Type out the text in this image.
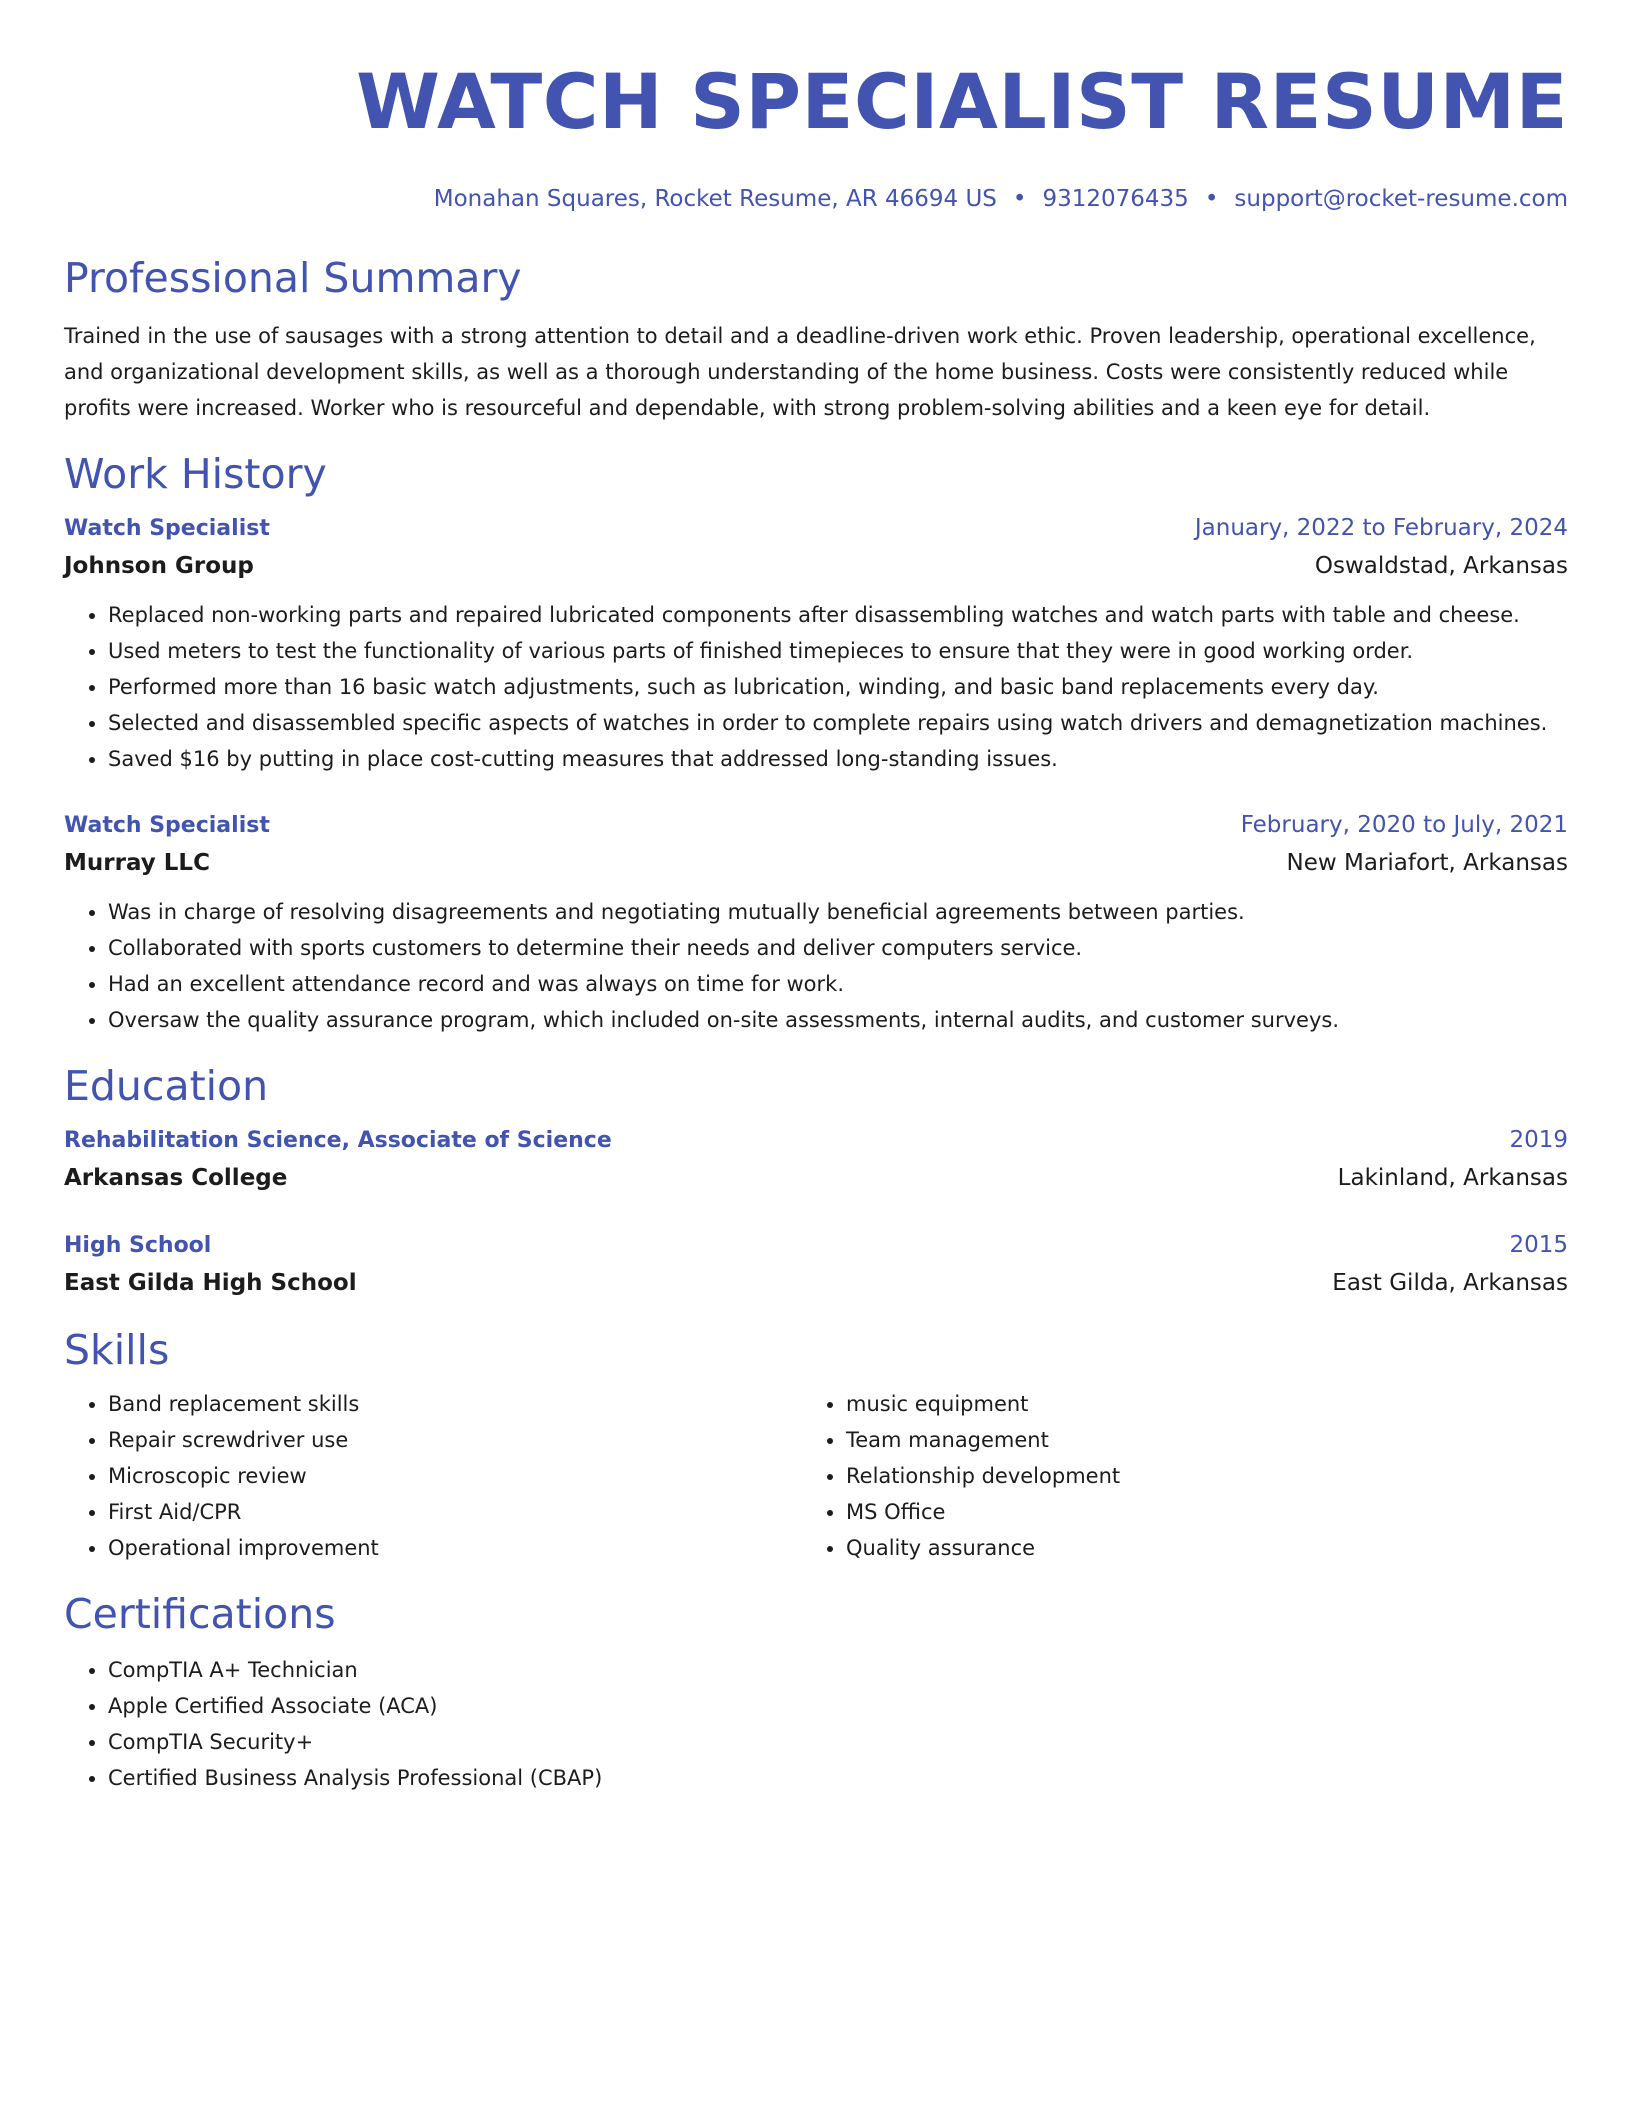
WATCH SPECIALIST RESUME
Monahan Squares, Rocket Resume, AR 46694 US • 9312076435 • support@rocket-resume.com
Professional Summary

Trained in the use of sausages with a strong attention to detail and a deadline-driven work ethic. Proven leadership, operational excellence, and organizational development skills, as well as a thorough understanding of the home business. Costs were consistently reduced while profits were increased. Worker who is resourceful and dependable, with strong problem-solving abilities and a keen eye for detail.

Work History
Watch Specialist	January, 2022 to February, 2024
Johnson Group	Oswaldstad, Arkansas
• Replaced non-working parts and repaired lubricated components after disassembling watches and watch parts with table and cheese.
• Used meters to test the functionality of various parts of finished timepieces to ensure that they were in good working order.
• Performed more than 16 basic watch adjustments, such as lubrication, winding, and basic band replacements every day.
• Selected and disassembled specific aspects of watches in order to complete repairs using watch drivers and demagnetization machines.
• Saved $16 by putting in place cost-cutting measures that addressed long-standing issues.
Watch Specialist	February, 2020 to July, 2021
Murray LLC	New Mariafort, Arkansas
• Was in charge of resolving disagreements and negotiating mutually beneficial agreements between parties.
• Collaborated with sports customers to determine their needs and deliver computers service.
• Had an excellent attendance record and was always on time for work.
• Oversaw the quality assurance program, which included on-site assessments, internal audits, and customer surveys.
Education
Rehabilitation Science, Associate of Science	2019
Arkansas College	Lakinland, Arkansas
High School	2015
East Gilda High School	East Gilda, Arkansas
Skills
• Band replacement skills
• Repair screwdriver use
• Microscopic review
• First Aid/CPR
• Operational improvement
• music equipment
• Team management
• Relationship development
• MS Office
• Quality assurance
Certifications
• CompTIA A+ Technician
• Apple Certified Associate (ACA)
• CompTIA Security+
• Certified Business Analysis Professional (CBAP)
